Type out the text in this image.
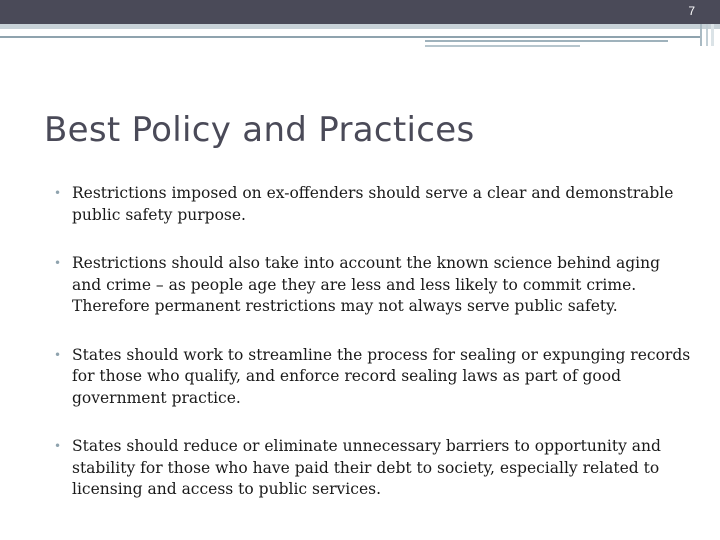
7
Best Policy and Practices
• Restrictions imposed on ex-offenders should serve a clear and demonstrable public safety purpose.
• Restrictions should also take into account the known science behind aging and crime – as people age they are less and less likely to commit crime. Therefore permanent restrictions may not always serve public safety.
• States should work to streamline the process for sealing or expunging records for those who qualify, and enforce record sealing laws as part of good government practice.
• States should reduce or eliminate unnecessary barriers to opportunity and stability for those who have paid their debt to society, especially related to licensing and access to public services.
